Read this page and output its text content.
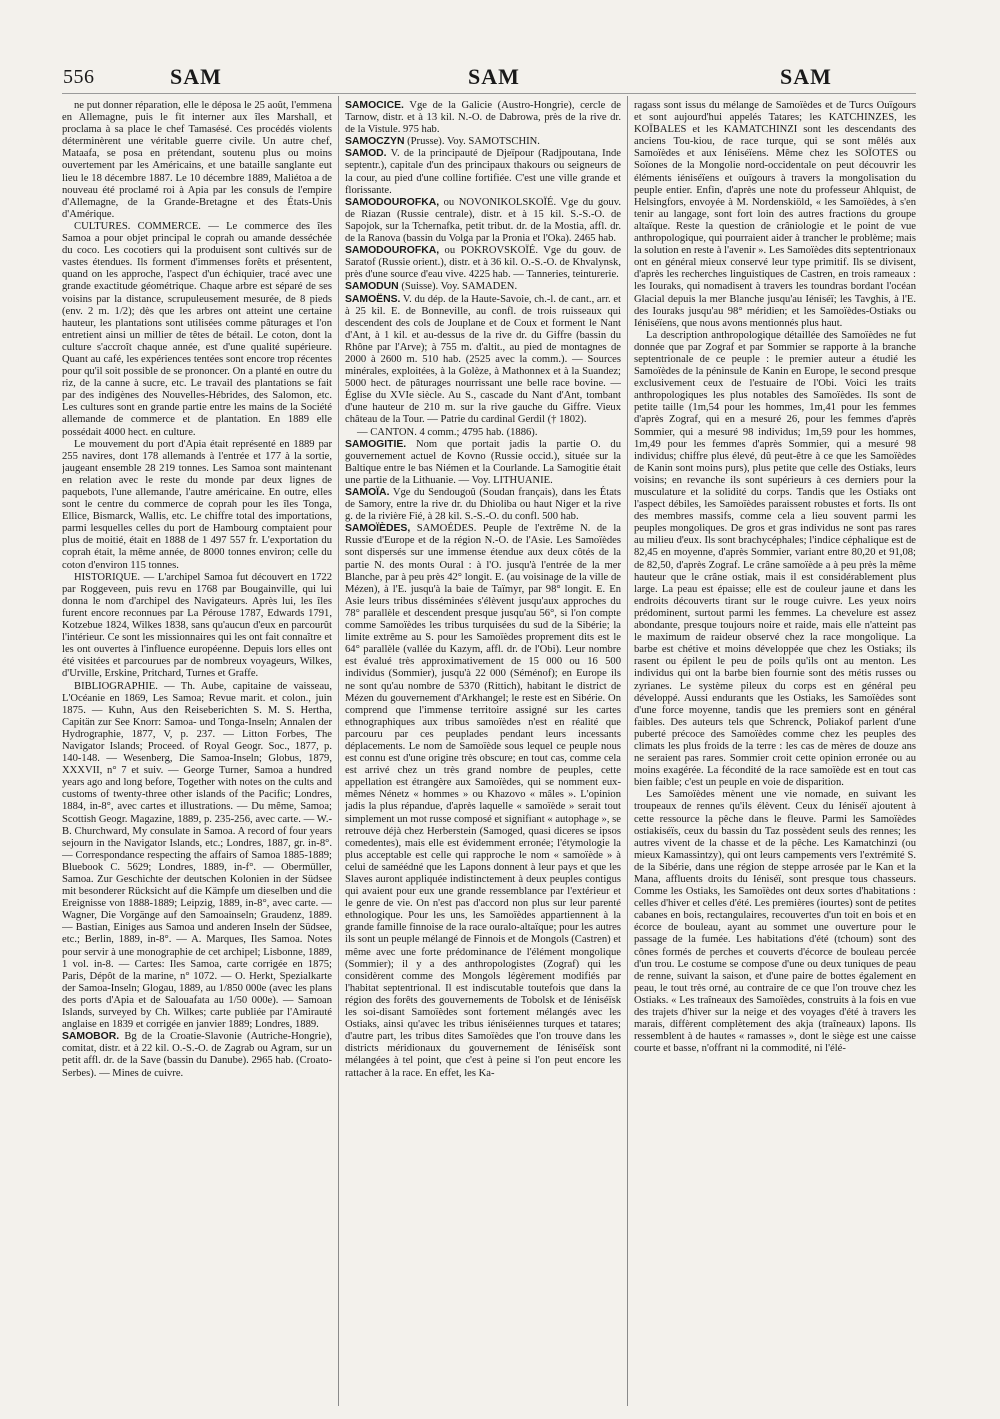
556	SAM	SAM	SAM

ne put donner réparation, elle le déposa le 25 août, l'emmena en Allemagne, puis le fit interner aux îles Marshall, et proclama à sa place le chef Tamasésé. Ces procédés violents déterminèrent une véritable guerre civile. Un autre chef, Mataafa, se posa en prétendant, soutenu plus ou moins ouvertement par les Américains, et une bataille sanglante eut lieu le 18 décembre 1887. Le 10 décembre 1889, Maliétoa a de nouveau été proclamé roi à Apia par les consuls de l'empire d'Allemagne, de la Grande-Bretagne et des États-Unis d'Amérique.

CULTURES. COMMERCE. — Le commerce des îles Samoa a pour objet principal le coprah ou amande desséchée du coco. Les cocotiers qui la produisent sont cultivés sur de vastes étendues. Ils forment d'immenses forêts et présentent, quand on les approche, l'aspect d'un échiquier, tracé avec une grande exactitude géométrique. Chaque arbre est séparé de ses voisins par la distance, scrupuleusement mesurée, de 8 pieds (env. 2 m. 1/2); dès que les arbres ont atteint une certaine hauteur, les plantations sont utilisées comme pâturages et l'on entretient ainsi un millier de têtes de bétail. Le coton, dont la culture s'accroît chaque année, est d'une qualité supérieure. Quant au café, les expériences tentées sont encore trop récentes pour qu'il soit possible de se prononcer. On a planté en outre du riz, de la canne à sucre, etc. Le travail des plantations se fait par des indigènes des Nouvelles-Hébrides, des Salomon, etc. Les cultures sont en grande partie entre les mains de la Société allemande de commerce et de plantation. En 1889 elle possédait 4000 hect. en culture.

Le mouvement du port d'Apia était représenté en 1889 par 255 navires, dont 178 allemands à l'entrée et 177 à la sortie, jaugeant ensemble 28 219 tonnes. Les Samoa sont maintenant en relation avec le reste du monde par deux lignes de paquebots, l'une allemande, l'autre américaine. En outre, elles sont le centre du commerce de coprah pour les îles Tonga, Ellice, Bismarck, Wallis, etc. Le chiffre total des importations, parmi lesquelles celles du port de Hambourg comptaient pour plus de moitié, était en 1888 de 1 497 557 fr. L'exportation du coprah était, la même année, de 8000 tonnes environ; celle du coton d'environ 115 tonnes.

HISTORIQUE. — L'archipel Samoa fut découvert en 1722 par Roggeveen, puis revu en 1768 par Bougainville, qui lui donna le nom d'archipel des Navigateurs. Après lui, les îles furent encore reconnues par La Pérouse 1787, Edwards 1791, Kotzebue 1824, Wilkes 1838, sans qu'aucun d'eux en parcourût l'intérieur. Ce sont les missionnaires qui les ont fait connaître et les ont ouvertes à l'influence européenne. Depuis lors elles ont été visitées et parcourues par de nombreux voyageurs, Wilkes, d'Urville, Erskine, Pritchard, Turnes et Graffe.

BIBLIOGRAPHIE. — Th. Aube, capitaine de vaisseau, L'Océanie en 1869, Les Samoa; Revue marit. et colon., juin 1875. — Kuhn, Aus den Reiseberichten S. M. S. Hertha, Capitän zur See Knorr: Samoa- und Tonga-Inseln; Annalen der Hydrographie, 1877, V, p. 237. — Litton Forbes, The Navigator Islands; Proceed. of Royal Geogr. Soc., 1877, p. 140-148. — Wesenberg, Die Samoa-Inseln; Globus, 1879, XXXVII, n° 7 et suiv. — George Turner, Samoa a hundred years ago and long before, Together with notes on the cults and customs of twenty-three other islands of the Pacific; Londres, 1884, in-8°, avec cartes et illustrations. — Du même, Samoa; Scottish Geogr. Magazine, 1889, p. 235-256, avec carte. — W.-B. Churchward, My consulate in Samoa. A record of four years sejourn in the Navigator Islands, etc.; Londres, 1887, gr. in-8°. — Correspondance respecting the affairs of Samoa 1885-1889; Bluebook C. 5629; Londres, 1889, in-f°. — Obermüller, Samoa. Zur Geschichte der deutschen Kolonien in der Südsee mit besonderer Rücksicht auf die Kämpfe um dieselben und die Ereignisse von 1888-1889; Leipzig, 1889, in-8°, avec carte. — Wagner, Die Vorgänge auf den Samoainseln; Graudenz, 1889. — Bastian, Einiges aus Samoa und anderen Inseln der Südsee, etc.; Berlin, 1889, in-8°. — A. Marques, Iles Samoa. Notes pour servir à une monographie de cet archipel; Lisbonne, 1889, 1 vol. in-8. — Cartes: Iles Samoa, carte corrigée en 1875; Paris, Dépôt de la marine, n° 1072. — O. Herkt, Spezialkarte der Samoa-Inseln; Glogau, 1889, au 1/850 000e (avec les plans des ports d'Apia et de Salouafata au 1/50 000e). — Samoan Islands, surveyed by Ch. Wilkes; carte publiée par l'Amirauté anglaise en 1839 et corrigée en janvier 1889; Londres, 1889.

SAMOBOR. Bg de la Croatie-Slavonie (Autriche-Hongrie), comitat, distr. et à 22 kil. O.-S.-O. de Zagrab ou Agram, sur un petit affl. dr. de la Save (bassin du Danube). 2965 hab. (Croato-Serbes). — Mines de cuivre.

SAMOCICE. Vge de la Galicie (Austro-Hongrie), cercle de Tarnow, distr. et à 13 kil. N.-O. de Dabrowa, près de la rive dr. de la Vistule. 975 hab.

SAMOCZYN (Prusse). Voy. SAMOTSCHIN.

SAMOD. V. de la principauté de Djeïpour (Radjpoutana, Inde septentr.), capitale d'un des principaux thakours ou seigneurs de la cour, au pied d'une colline fortifiée. C'est une ville grande et florissante.

SAMODOUROFKA, ou NOVONIKOLSKOÏÉ. Vge du gouv. de Riazan (Russie centrale), distr. et à 15 kil. S.-S.-O. de Sapojok, sur la Tchernafka, petit tribut. dr. de la Mostia, affl. dr. de la Ranova (bassin du Volga par la Pronia et l'Oka). 2465 hab.

SAMODOUROFKA, ou POKROVSKOÏÉ. Vge du gouv. de Saratof (Russie orient.), distr. et à 36 kil. O.-S.-O. de Khvalynsk, près d'une source d'eau vive. 4225 hab. — Tanneries, teinturerie.

SAMODUN (Suisse). Voy. SAMADEN.

SAMOËNS. V. du dép. de la Haute-Savoie, ch.-l. de cant., arr. et à 25 kil. E. de Bonneville, au confl. de trois ruisseaux qui descendent des cols de Jouplane et de Coux et forment le Nant d'Ant, à 1 kil. et au-dessus de la rive dr. du Giffre (bassin du Rhône par l'Arve); à 755 m. d'altit., au pied de montagnes de 2000 à 2600 m. 510 hab. (2525 avec la comm.). — Sources minérales, exploitées, à la Golèze, à Mathonnex et à la Suandez; 5000 hect. de pâturages nourrissant une belle race bovine. — Église du XVIe siècle. Au S., cascade du Nant d'Ant, tombant d'une hauteur de 210 m. sur la rive gauche du Giffre. Vieux château de la Tour. — Patrie du cardinal Gerdil († 1802).

— CANTON. 4 comm.; 4795 hab. (1886).

SAMOGITIE. Nom que portait jadis la partie O. du gouvernement actuel de Kovno (Russie occid.), située sur la Baltique entre le bas Niémen et la Courlande. La Samogitie était une partie de la Lithuanie. — Voy. LITHUANIE.

SAMOÏA. Vge du Sendougoû (Soudan français), dans les États de Samory, entre la rive dr. du Dhioliba ou haut Niger et la rive g. de la rivière Fié, à 28 kil. S.-S.-O. du confl. 500 hab.

SAMOÏÈDES, SAMOÉDES. Peuple de l'extrême N. de la Russie d'Europe et de la région N.-O. de l'Asie. Les Samoïèdes sont dispersés sur une immense étendue aux deux côtés de la partie N. des monts Oural : à l'O. jusqu'à l'entrée de la mer Blanche, par à peu près 42° longit. E. (au voisinage de la ville de Mézen), à l'E. jusqu'à la baie de Taïmyr, par 98° longit. E. En Asie leurs tribus disséminées s'élèvent jusqu'aux approches du 78° parallèle et descendent presque jusqu'au 56°, si l'on compte comme Samoïèdes les tribus turquisées du sud de la Sibérie; la limite extrême au S. pour les Samoïèdes proprement dits est le 64° parallèle (vallée du Kazym, affl. dr. de l'Obi). Leur nombre est évalué très approximativement de 15 000 ou 16 500 individus (Sommier), jusqu'à 22 000 (Séménof); en Europe ils ne sont qu'au nombre de 5370 (Rittich), habitant le district de Mézen du gouvernement d'Arkhangel; le reste est en Sibérie. On comprend que l'immense territoire assigné sur les cartes ethnographiques aux tribus samoïèdes n'est en réalité que parcouru par ces peuplades pendant leurs incessants déplacements. Le nom de Samoïède sous lequel ce peuple nous est connu est d'une origine très obscure; en tout cas, comme cela est arrivé chez un très grand nombre de peuples, cette appellation est étrangère aux Samoïèdes, qui se nomment eux-mêmes Nénetz « hommes » ou Khazovo « mâles ». L'opinion jadis la plus répandue, d'après laquelle « samoïède » serait tout simplement un mot russe composé et signifiant « autophage », se retrouve déjà chez Herberstein (Samoged, quasi diceres se ipsos comedentes), mais elle est évidemment erronée; l'étymologie la plus acceptable est celle qui rapproche le nom « samoïède » à celui de saméédné que les Lapons donnent à leur pays et que les Slaves auront appliquée indistinctement à deux peuples contigus qui avaient pour eux une grande ressemblance par l'extérieur et le genre de vie. On n'est pas d'accord non plus sur leur parenté ethnologique. Pour les uns, les Samoïèdes appartiennent à la grande famille finnoise de la race ouralo-altaïque; pour les autres ils sont un peuple mélangé de Finnois et de Mongols (Castren) et même avec une forte prédominance de l'élément mongolique (Sommier); il y a des anthropologistes (Zograf) qui les considèrent comme des Mongols légèrement modifiés par l'habitat septentrional. Il est indiscutable toutefois que dans la région des forêts des gouvernements de Tobolsk et de Iéniséïsk les soi-disant Samoïèdes sont fortement mélangés avec les Ostiaks, ainsi qu'avec les tribus iéniséiennes turques et tatares; d'autre part, les tribus dites Samoïèdes que l'on trouve dans les districts méridionaux du gouvernement de Iéniséïsk sont mélangées à tel point, que c'est à peine si l'on peut encore les rattacher à la race. En effet, les Ka-

ragass sont issus du mélange de Samoïèdes et de Turcs Ouïgours et sont aujourd'hui appelés Tatares; les KATCHINZES, les KOÏBALES et les KAMATCHINZI sont les descendants des anciens Tou-kiou, de race turque, qui se sont mêlés aux Samoïèdes et aux Iéniséïens. Même chez les SOÏOTES ou Soïones de la Mongolie nord-occidentale on peut découvrir les éléments iéniséïens et ouïgours à travers la mongolisation du peuple entier. Enfin, d'après une note du professeur Ahlquist, de Helsingfors, envoyée à M. Nordenskiöld, « les Samoïèdes, à s'en tenir au langage, sont fort loin des autres fractions du groupe altaïque. Reste la question de crâniologie et le point de vue anthropologique, qui pourraient aider à trancher le problème; mais la solution en reste à l'avenir ». Les Samoïèdes dits septentrionaux ont en général mieux conservé leur type primitif. Ils se divisent, d'après les recherches linguistiques de Castren, en trois rameaux : les Iouraks, qui nomadisent à travers les toundras bordant l'océan Glacial depuis la mer Blanche jusqu'au Iéniséï; les Tavghis, à l'E. des Iouraks jusqu'au 98° méridien; et les Samoïèdes-Ostiaks ou Iéniséïens, que nous avons mentionnés plus haut.

La description anthropologique détaillée des Samoïèdes ne fut donnée que par Zograf et par Sommier se rapporte à la branche septentrionale de ce peuple : le premier auteur a étudié les Samoïèdes de la péninsule de Kanin en Europe, le second presque exclusivement ceux de l'estuaire de l'Obi. Voici les traits anthropologiques les plus notables des Samoïèdes. Ils sont de petite taille (1m,54 pour les hommes, 1m,41 pour les femmes d'après Zograf, qui en a mesuré 26, pour les femmes d'après Sommier, qui a mesuré 98 individus; 1m,59 pour les hommes, 1m,49 pour les femmes d'après Sommier, qui a mesuré 98 individus; chiffre plus élevé, dû peut-être à ce que les Samoïèdes de Kanin sont moins purs), plus petite que celle des Ostiaks, leurs voisins; en revanche ils sont supérieurs à ces derniers pour la musculature et la solidité du corps. Tandis que les Ostiaks ont l'aspect débiles, les Samoïèdes paraissent robustes et forts. Ils ont des membres massifs, comme cela a lieu souvent parmi les peuples mongoliques. De gros et gras individus ne sont pas rares au milieu d'eux. Ils sont brachycéphales; l'indice céphalique est de 82,45 en moyenne, d'après Sommier, variant entre 80,20 et 91,08; de 82,50, d'après Zograf. Le crâne samoïède a à peu près la même hauteur que le crâne ostiak, mais il est considérablement plus large. La peau est épaisse; elle est de couleur jaune et dans les endroits découverts tirant sur le rouge cuivre. Les yeux noirs prédominent, surtout parmi les femmes. La chevelure est assez abondante, presque toujours noire et raide, mais elle n'atteint pas le maximum de raideur observé chez la race mongolique. La barbe est chétive et moins développée que chez les Ostiaks; ils rasent ou épilent le peu de poils qu'ils ont au menton. Les individus qui ont la barbe bien fournie sont des métis russes ou zyrianes. Le système pileux du corps est en général peu développé. Aussi endurants que les Ostiaks, les Samoïèdes sont d'une force moyenne, tandis que les premiers sont en général faibles. Des auteurs tels que Schrenck, Poliakof parlent d'une puberté précoce des Samoïèdes comme chez les peuples des climats les plus froids de la terre : les cas de mères de douze ans ne seraient pas rares. Sommier croit cette opinion erronée ou au moins exagérée. La fécondité de la race samoïède est en tout cas bien faible; c'est un peuple en voie de disparition.

Les Samoïèdes mènent une vie nomade, en suivant les troupeaux de rennes qu'ils élèvent. Ceux du Iéniséï ajoutent à cette ressource la pêche dans le fleuve. Parmi les Samoïèdes ostiakiséïs, ceux du bassin du Taz possèdent seuls des rennes; les autres vivent de la chasse et de la pêche. Les Kamatchinzi (ou mieux Kamassintzy), qui ont leurs campements vers l'extrémité S. de la Sibérie, dans une région de steppe arrosée par le Kan et la Mana, affluents droits du Iéniséï, sont presque tous chasseurs. Comme les Ostiaks, les Samoïèdes ont deux sortes d'habitations : celles d'hiver et celles d'été. Les premières (iourtes) sont de petites cabanes en bois, rectangulaires, recouvertes d'un toit en bois et en écorce de bouleau, ayant au sommet une ouverture pour le passage de la fumée. Les habitations d'été (tchoum) sont des cônes formés de perches et couverts d'écorce de bouleau percée d'un trou. Le costume se compose d'une ou deux tuniques de peau de renne, suivant la saison, et d'une paire de bottes également en peau, le tout très orné, au contraire de ce que l'on trouve chez les Ostiaks. « Les traîneaux des Samoïèdes, construits à la fois en vue des trajets d'hiver sur la neige et des voyages d'été à travers les marais, diffèrent complètement des akja (traîneaux) lapons. Ils ressemblent à de hautes « ramasses », dont le siège est une caisse courte et basse, n'offrant ni la commodité, ni l'élé-
